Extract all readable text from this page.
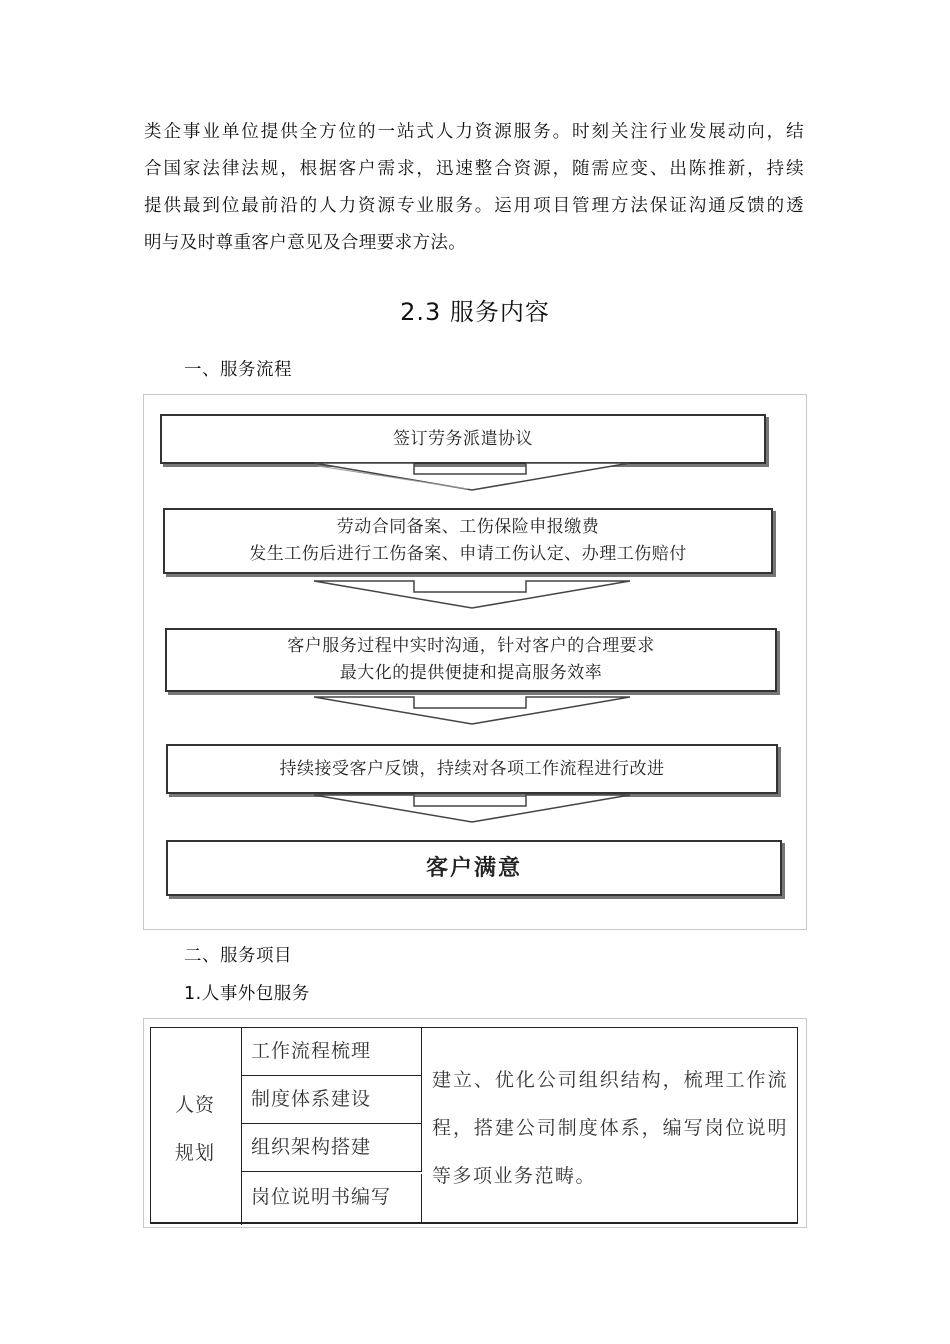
类企事业单位提供全方位的一站式人力资源服务。时刻关注行业发展动向，结
合国家法律法规，根据客户需求，迅速整合资源，随需应变、出陈推新，持续
提供最到位最前沿的人力资源专业服务。运用项目管理方法保证沟通反馈的透
明与及时尊重客户意见及合理要求方法。
2.3 服务内容
一、服务流程
签订劳务派遣协议
劳动合同备案、工伤保险申报缴费
发生工伤后进行工伤备案、申请工伤认定、办理工伤赔付
客户服务过程中实时沟通，针对客户的合理要求
最大化的提供便捷和提高服务效率
持续接受客户反馈，持续对各项工作流程进行改进
客户满意
二、服务项目
1.人事外包服务
人资
规划
工作流程梳理
制度体系建设
组织架构搭建
岗位说明书编写
建立、优化公司组织结构，梳理工作流程，搭建公司制度体系，编写岗位说明等多项业务范畴。
